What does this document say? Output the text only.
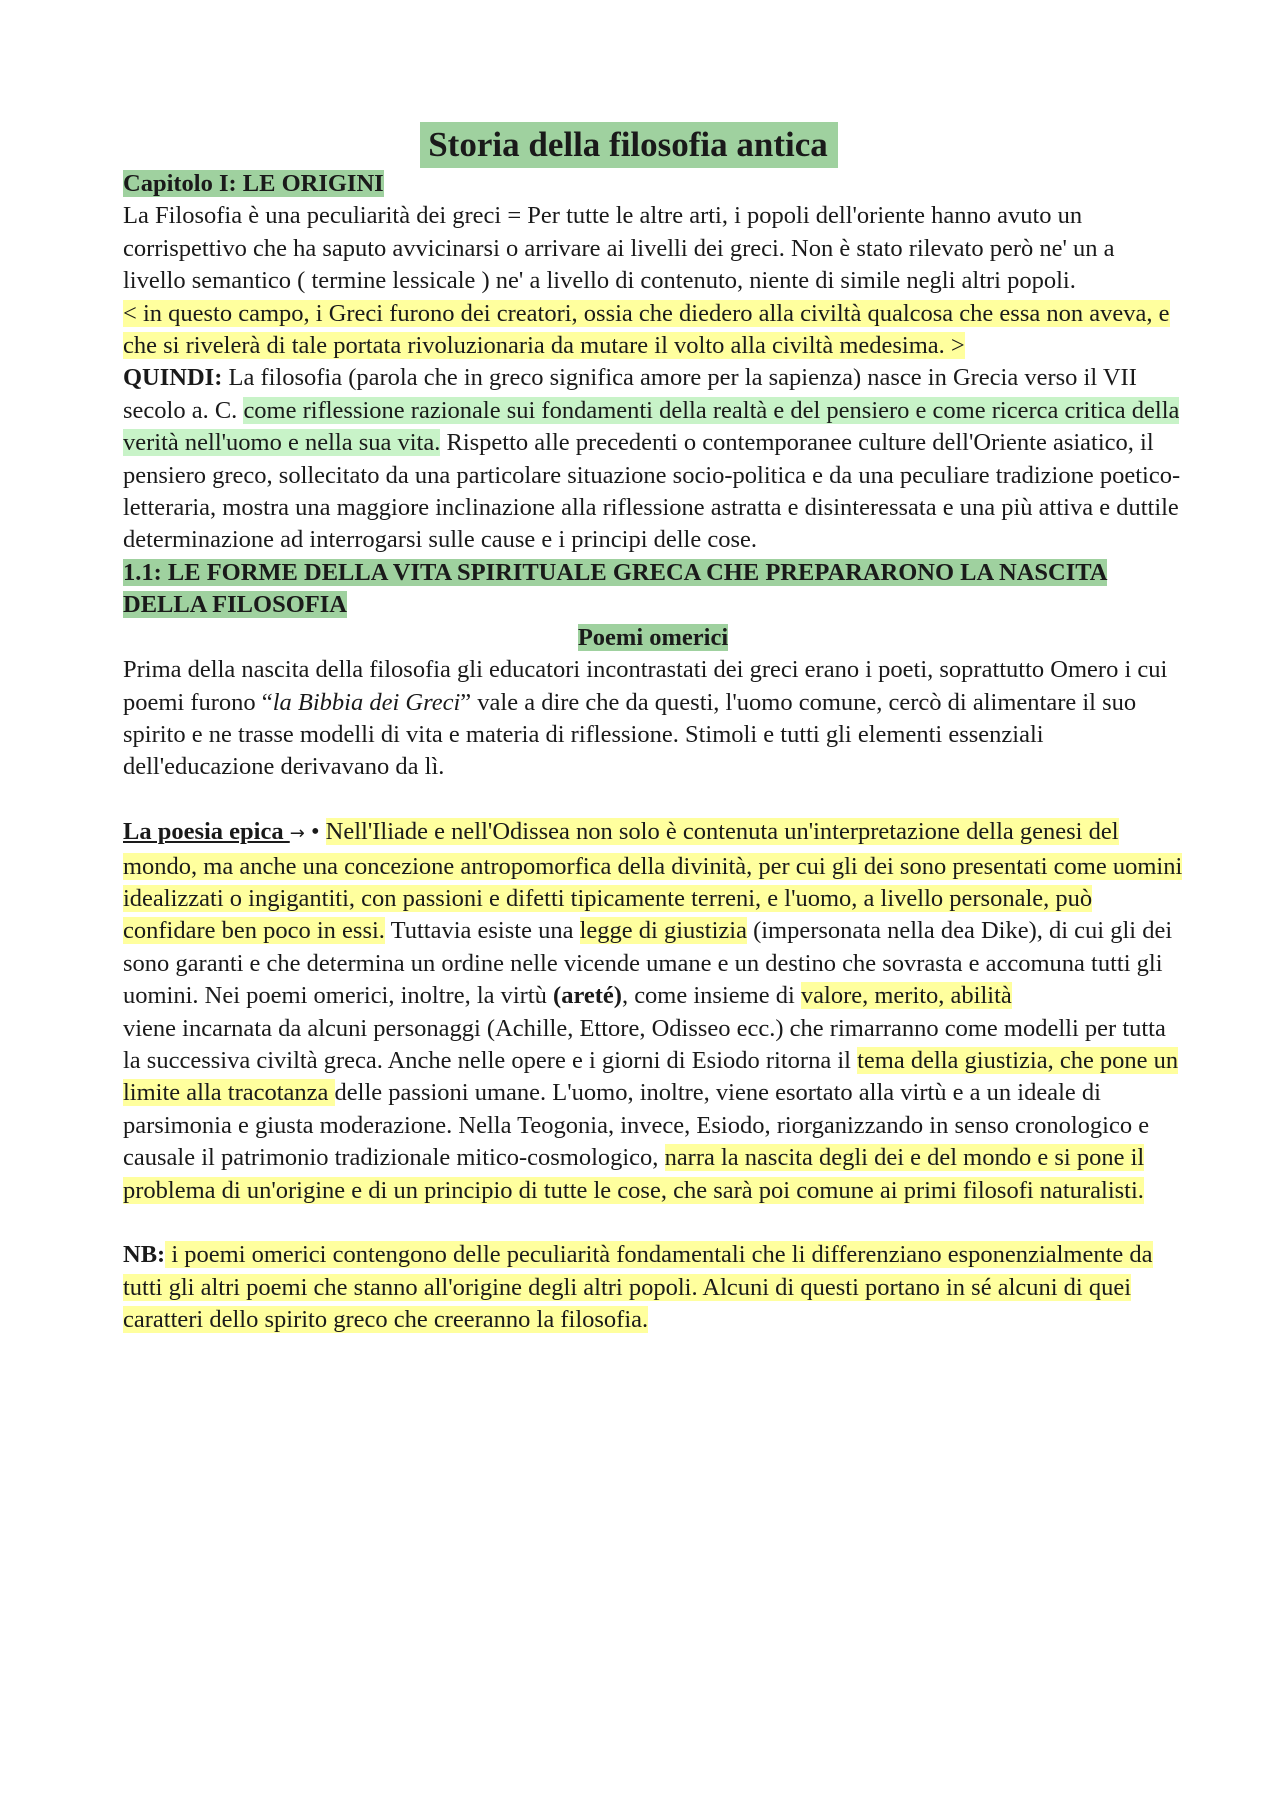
Storia della filosofia antica

Capitolo I: LE ORIGINI

La Filosofia è una peculiarità dei greci = Per tutte le altre arti, i popoli dell'oriente hanno avuto un corrispettivo che ha saputo avvicinarsi o arrivare ai livelli dei greci. Non è stato rilevato però ne' un a livello semantico ( termine lessicale ) ne' a livello di contenuto, niente di simile negli altri popoli.

< in questo campo, i Greci furono dei creatori, ossia che diedero alla civiltà qualcosa che essa non aveva, e che si rivelerà di tale portata rivoluzionaria da mutare il volto alla civiltà medesima. >

QUINDI: La filosofia (parola che in greco significa amore per la sapienza) nasce in Grecia verso il VII secolo a. C. come riflessione razionale sui fondamenti della realtà e del pensiero e come ricerca critica della verità nell'uomo e nella sua vita. Rispetto alle precedenti o contemporanee culture dell'Oriente asiatico, il pensiero greco, sollecitato da una particolare situazione socio-politica e da una peculiare tradizione poetico-letteraria, mostra una maggiore inclinazione alla riflessione astratta e disinteressata e una più attiva e duttile determinazione ad interrogarsi sulle cause e i principi delle cose.

1.1: LE FORME DELLA VITA SPIRITUALE GRECA CHE PREPARARONO LA NASCITA DELLA FILOSOFIA

Poemi omerici

Prima della nascita della filosofia gli educatori incontrastati dei greci erano i poeti, soprattutto Omero i cui poemi furono “la Bibbia dei Greci” vale a dire che da questi, l'uomo comune, cercò di alimentare il suo spirito e ne trasse modelli di vita e materia di riflessione. Stimoli e tutti gli elementi essenziali dell'educazione derivavano da lì.

La poesia epica → • Nell'Iliade e nell'Odissea non solo è contenuta un'interpretazione della genesi del mondo, ma anche una concezione antropomorfica della divinità, per cui gli dei sono presentati come uomini idealizzati o ingigantiti, con passioni e difetti tipicamente terreni, e l'uomo, a livello personale, può confidare ben poco in essi. Tuttavia esiste una legge di giustizia (impersonata nella dea Dike), di cui gli dei sono garanti e che determina un ordine nelle vicende umane e un destino che sovrasta e accomuna tutti gli uomini. Nei poemi omerici, inoltre, la virtù (areté), come insieme di valore, merito, abilità
viene incarnata da alcuni personaggi (Achille, Ettore, Odisseo ecc.) che rimarranno come modelli per tutta la successiva civiltà greca. Anche nelle opere e i giorni di Esiodo ritorna il tema della giustizia, che pone un limite alla tracotanza delle passioni umane. L'uomo, inoltre, viene esortato alla virtù e a un ideale di parsimonia e giusta moderazione. Nella Teogonia, invece, Esiodo, riorganizzando in senso cronologico e causale il patrimonio tradizionale mitico-cosmologico, narra la nascita degli dei e del mondo e si pone il problema di un'origine e di un principio di tutte le cose, che sarà poi comune ai primi filosofi naturalisti.

NB: i poemi omerici contengono delle peculiarità fondamentali che li differenziano esponenzialmente da tutti gli altri poemi che stanno all'origine degli altri popoli. Alcuni di questi portano in sé alcuni di quei caratteri dello spirito greco che creeranno la filosofia.
